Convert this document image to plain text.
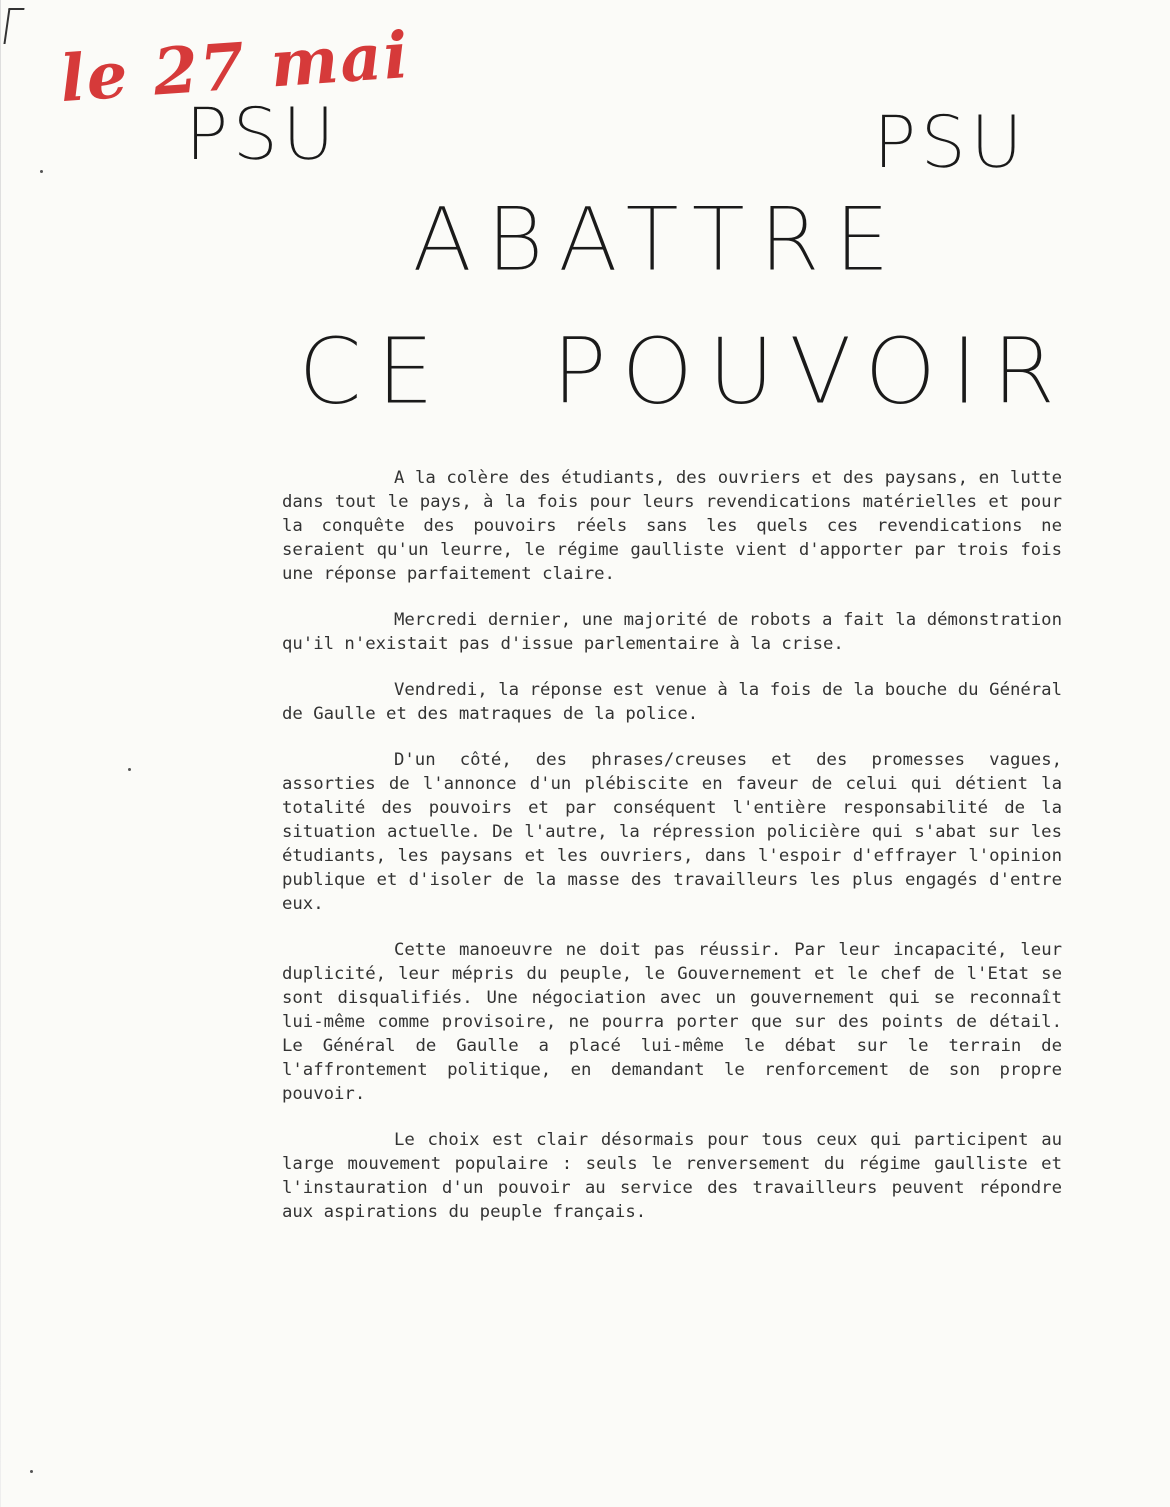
le 27 mai
PSU	PSU
ABATTRE
CE POUVOIR

A la colère des étudiants, des ouvriers et des paysans, en lutte dans tout le pays, à la fois pour leurs revendications matérielles et pour la conquête des pouvoirs réels sans les quels ces revendications ne seraient qu'un leurre, le régime gaulliste vient d'apporter par trois fois une réponse parfaitement claire.

Mercredi dernier, une majorité de robots a fait la démonstration qu'il n'existait pas d'issue parlementaire à la crise.

Vendredi, la réponse est venue à la fois de la bouche du Général de Gaulle et des matraques de la police.

D'un côté, des phrases/creuses et des promesses vagues, assorties de l'annonce d'un plébiscite en faveur de celui qui détient la totalité des pouvoirs et par conséquent l'entière responsabilité de la situation actuelle. De l'autre, la répression policière qui s'abat sur les étudiants, les paysans et les ouvriers, dans l'espoir d'effrayer l'opinion publique et d'isoler de la masse des travailleurs les plus engagés d'entre eux.

Cette manoeuvre ne doit pas réussir. Par leur incapacité, leur duplicité, leur mépris du peuple, le Gouvernement et le chef de l'Etat se sont disqualifiés. Une négociation avec un gouvernement qui se reconnaît lui-même comme provisoire, ne pourra porter que sur des points de détail. Le Général de Gaulle a placé lui-même le débat sur le terrain de l'affrontement politique, en demandant le renforcement de son propre pouvoir.

Le choix est clair désormais pour tous ceux qui participent au large mouvement populaire : seuls le renversement du régime gaulliste et l'instauration d'un pouvoir au service des travailleurs peuvent répondre aux aspirations du peuple français.
